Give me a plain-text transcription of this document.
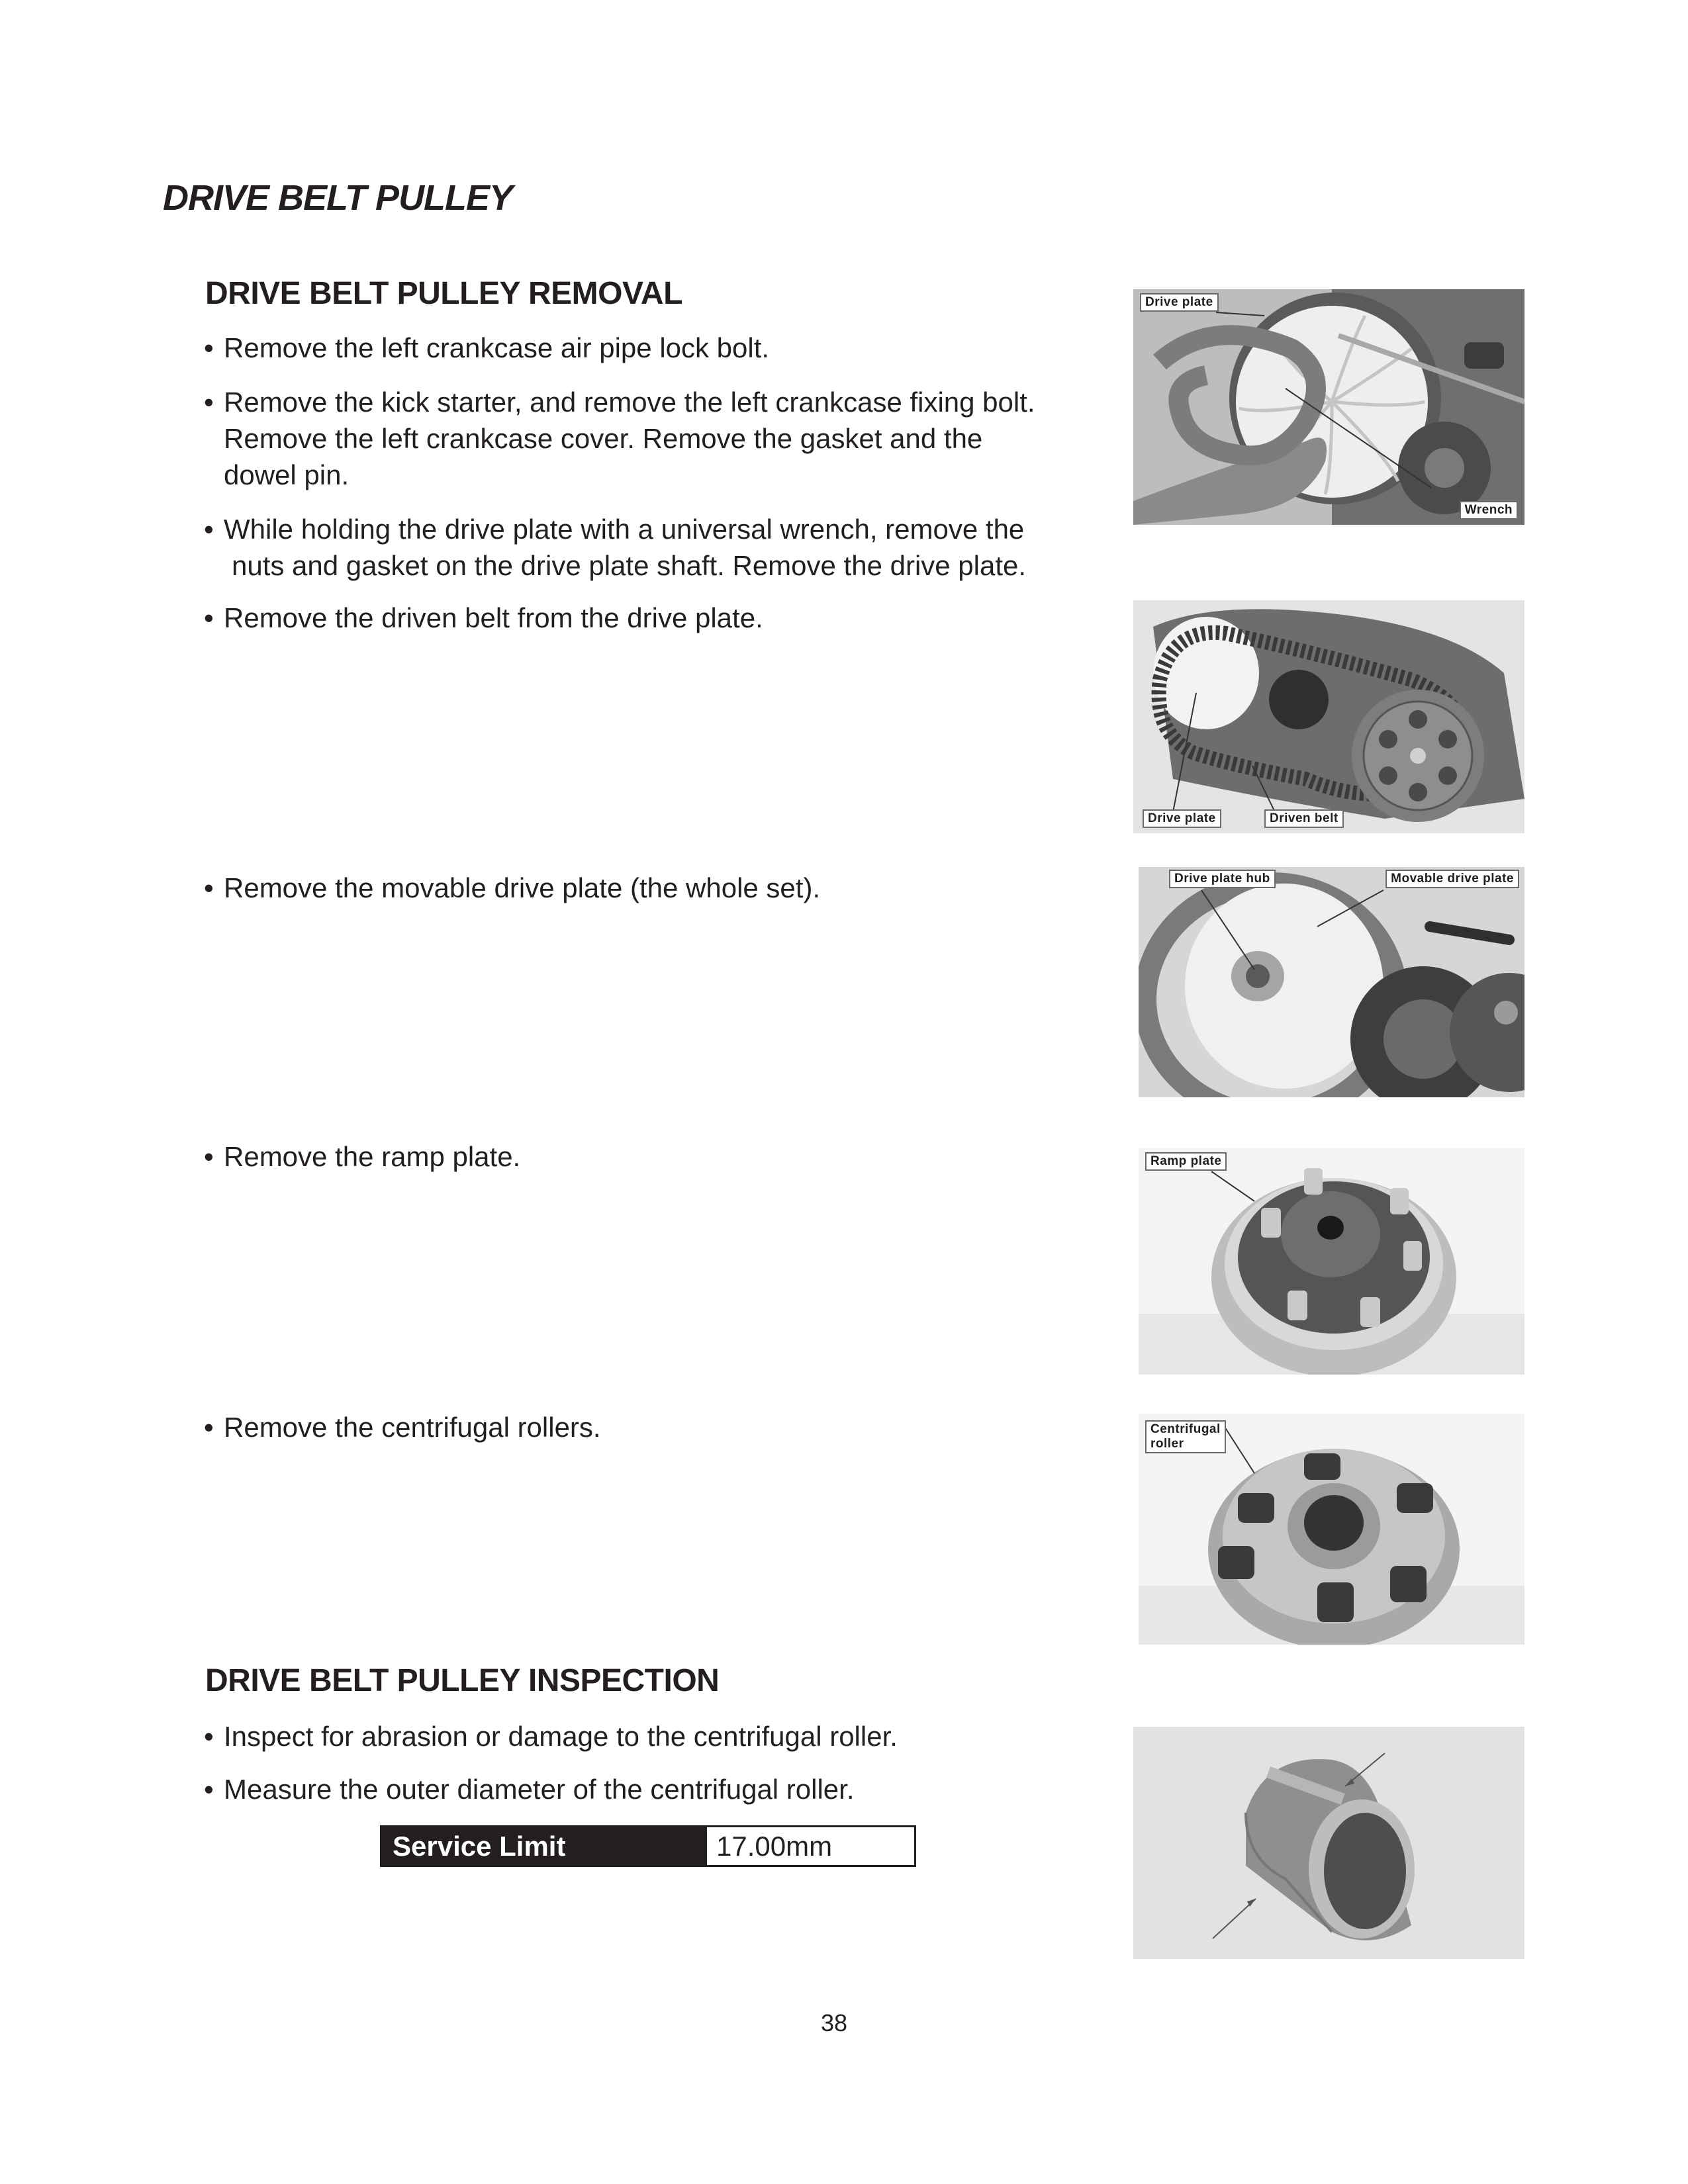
DRIVE BELT PULLEY
DRIVE BELT PULLEY REMOVAL
• Remove the left crankcase air pipe lock bolt.
• Remove the kick starter, and remove the left crankcase fixing bolt.
Remove the left crankcase cover. Remove the gasket and the
dowel pin.
• While holding the drive plate with a universal wrench, remove the
nuts and gasket on the drive plate shaft. Remove the drive plate.
• Remove the driven belt from the drive plate.
• Remove the movable drive plate (the whole set).
• Remove the ramp plate.
• Remove the centrifugal rollers.
DRIVE BELT PULLEY INSPECTION
• Inspect for abrasion or damage to the centrifugal roller.
• Measure the outer diameter of the centrifugal roller.
Service Limit	17.00mm
Drive plate
Wrench
Drive plate	Driven belt
Drive plate hub	Movable drive plate
Ramp plate
Centrifugal
roller
38
